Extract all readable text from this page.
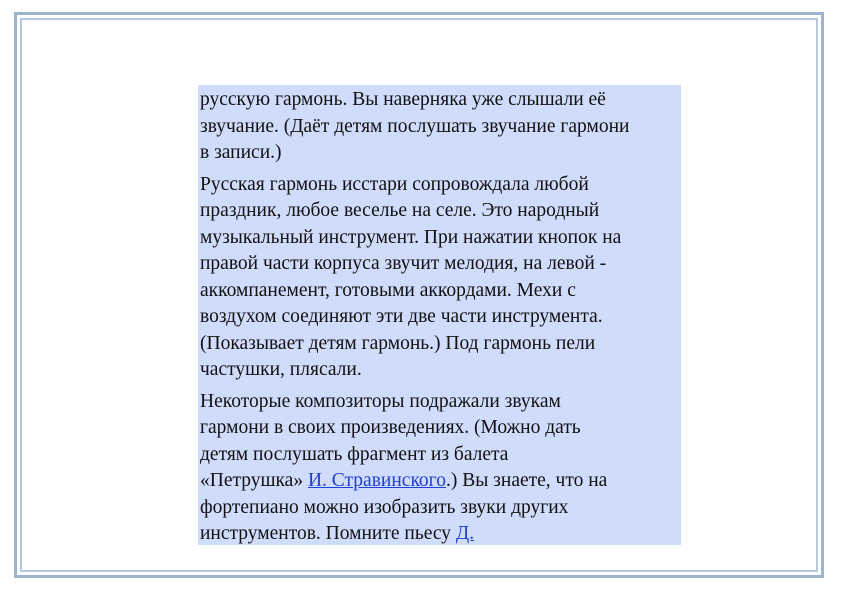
русскую гармонь. Вы наверняка уже слышали её
звучание. (Даёт детям послушать звучание гармони
в записи.)

Русская гармонь исстари сопровождала любой
праздник, любое веселье на селе. Это народный
музыкальный инструмент. При нажатии кнопок на
правой части корпуса звучит мелодия, на левой -
аккомпанемент, готовыми аккордами. Мехи с
воздухом соединяют эти две части инструмента.
(Показывает детям гармонь.) Под гармонь пели
частушки, плясали.

Некоторые композиторы подражали звукам
гармони в своих произведениях. (Можно дать
детям послушать фрагмент из балета
«Петрушка» И. Стравинского.) Вы знаете, что на
фортепиано можно изобразить звуки других
инструментов. Помните пьесу Д.
